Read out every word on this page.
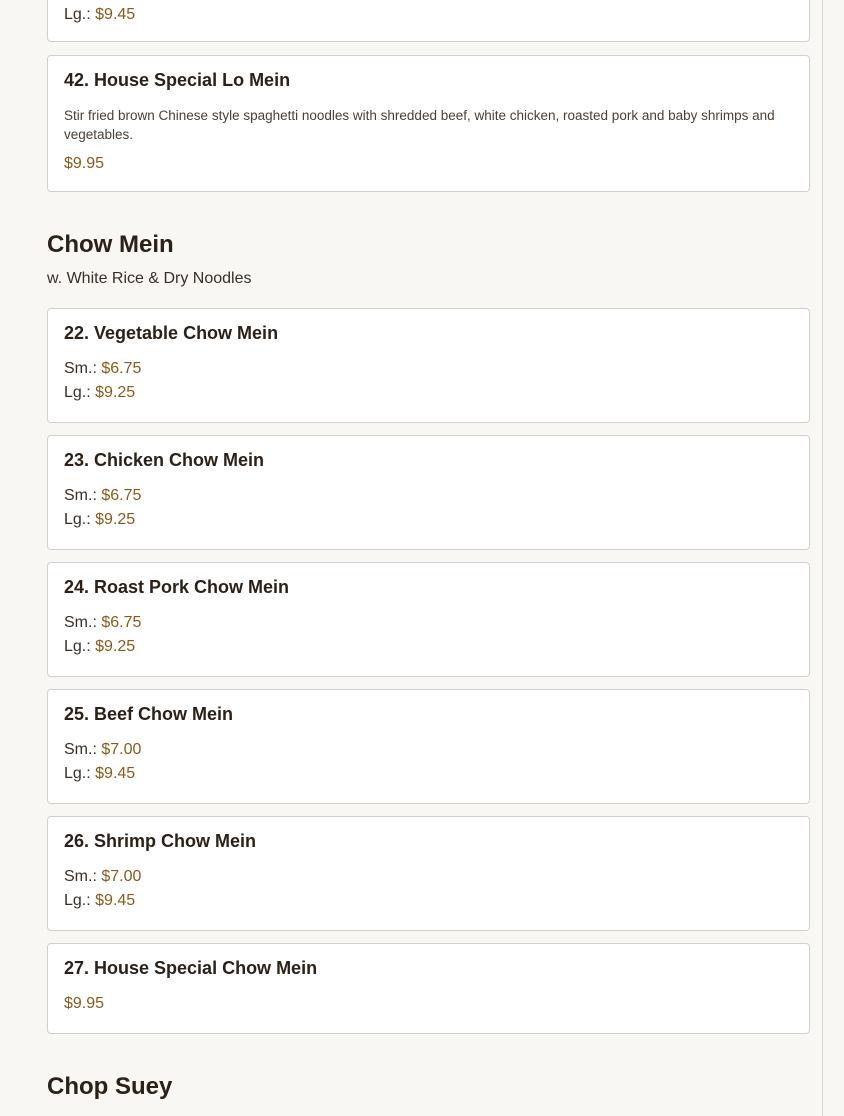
Lg.: $9.45
42. House Special Lo Mein
Stir fried brown Chinese style spaghetti noodles with shredded beef, white chicken, roasted pork and baby shrimps and vegetables.
$9.95
Chow Mein
w. White Rice & Dry Noodles
22. Vegetable Chow Mein
Sm.: $6.75
Lg.: $9.25
23. Chicken Chow Mein
Sm.: $6.75
Lg.: $9.25
24. Roast Pork Chow Mein
Sm.: $6.75
Lg.: $9.25
25. Beef Chow Mein
Sm.: $7.00
Lg.: $9.45
26. Shrimp Chow Mein
Sm.: $7.00
Lg.: $9.45
27. House Special Chow Mein
$9.95
Chop Suey
